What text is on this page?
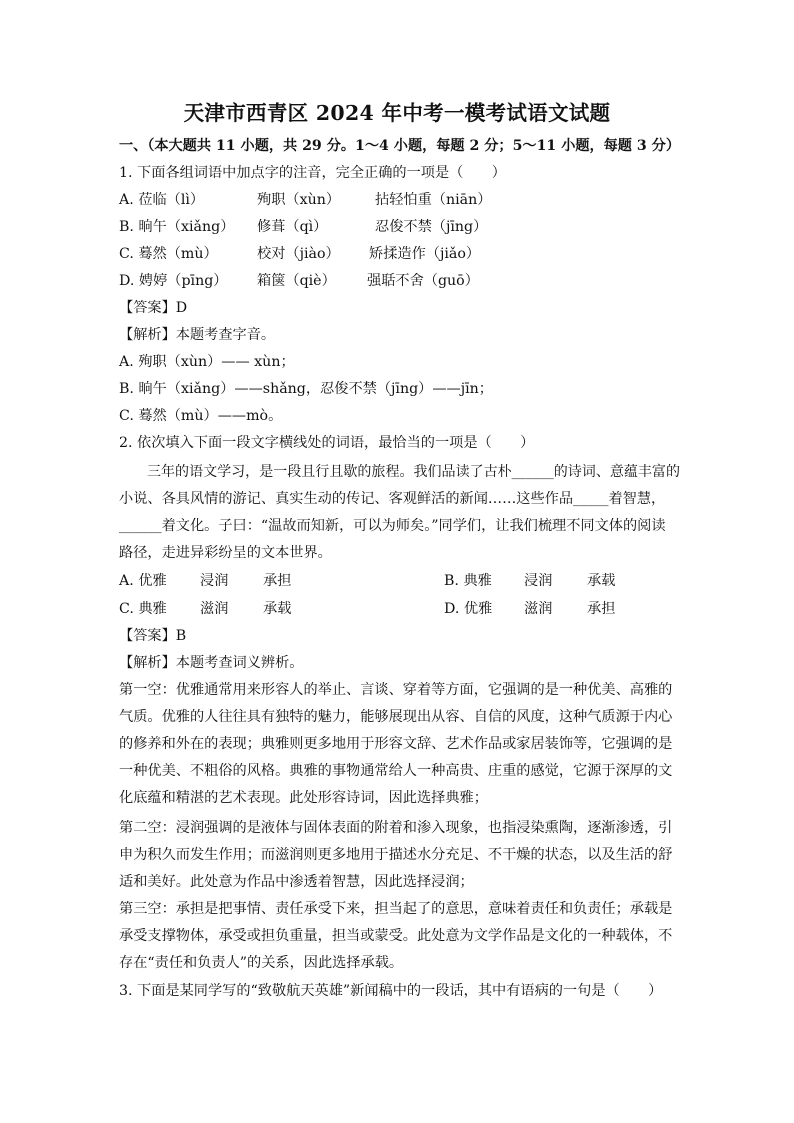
天津市西青区 2024 年中考一模考试语文试题
一、（本大题共 11 小题，共 29 分。1～4 小题，每题 2 分；5～11 小题，每题 3 分）
1. 下面各组词语中加点字的注音，完全正确的一项是（　　）
A. 莅临（lì）	殉职（xùn） 拈轻怕重（niān）
B. 晌午（xiǎng） 修葺（qì）	忍俊不禁（jīng）
C. 蓦然（mù）	校对（jiào） 矫揉造作（jiǎo）
D. 娉婷（pīng） 箱箧（qiè） 强聒不舍（guō）
【答案】D
【解析】本题考查字音。
A. 殉职（xùn）—— xùn；
B. 晌午（xiǎng）——shǎng，忍俊不禁（jīng）——jīn；
C. 蓦然（mù）——mò。
2. 依次填入下面一段文字横线处的词语，最恰当的一项是（　　）
三年的语文学习，是一段且行且歇的旅程。我们品读了古朴______的诗词、意蕴丰富的
小说、各具风情的游记、真实生动的传记、客观鲜活的新闻……这些作品_____着智慧，
______着文化。子曰：“温故而知新，可以为师矣。”同学们，让我们梳理不同文体的阅读
路径，走进异彩纷呈的文本世界。
A. 优雅 浸润 承担	B. 典雅 浸润 承载
C. 典雅 滋润 承载	D. 优雅 滋润 承担
【答案】B
【解析】本题考查词义辨析。
第一空：优雅通常用来形容人的举止、言谈、穿着等方面，它强调的是一种优美、高雅的
气质。优雅的人往往具有独特的魅力，能够展现出从容、自信的风度，这种气质源于内心
的修养和外在的表现；典雅则更多地用于形容文辞、艺术作品或家居装饰等，它强调的是
一种优美、不粗俗的风格。典雅的事物通常给人一种高贵、庄重的感觉，它源于深厚的文
化底蕴和精湛的艺术表现。此处形容诗词，因此选择典雅；
第二空：浸润强调的是液体与固体表面的附着和渗入现象，也指浸染熏陶，逐渐渗透，引
申为积久而发生作用；而滋润则更多地用于描述水分充足、不干燥的状态，以及生活的舒
适和美好。此处意为作品中渗透着智慧，因此选择浸润；
第三空：承担是把事情、责任承受下来，担当起了的意思，意味着责任和负责任；承载是
承受支撑物体，承受或担负重量，担当或蒙受。此处意为文学作品是文化的一种载体，不
存在“责任和负责人”的关系，因此选择承载。
3. 下面是某同学写的“致敬航天英雄”新闻稿中的一段话，其中有语病的一句是（　　）
